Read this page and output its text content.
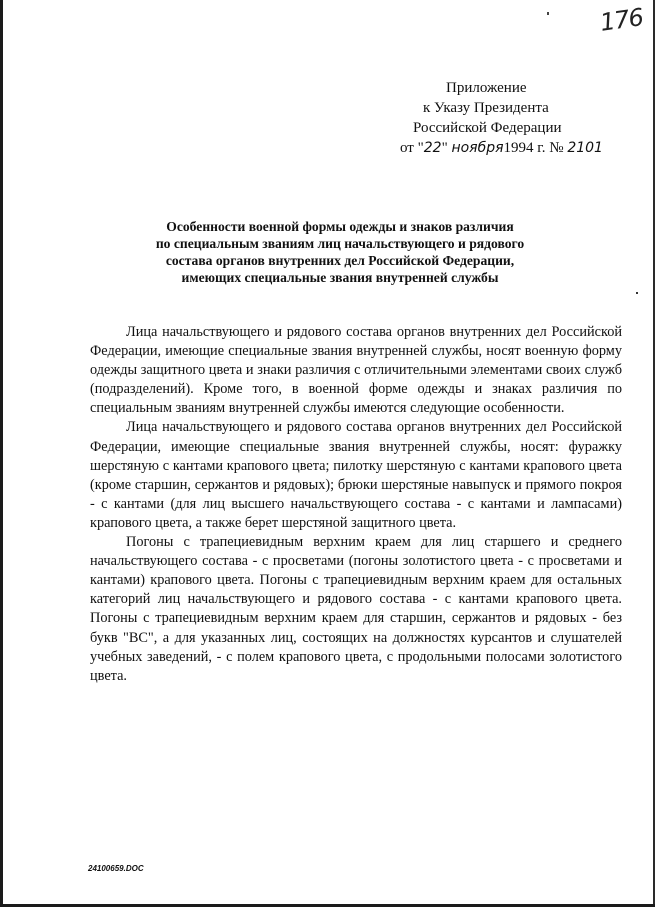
176
Приложение
к Указу Президента
Российской Федерации
от "22" ноября1994 г. № 2101
Особенности военной формы одежды и знаков различия
по специальным званиям лиц начальствующего и рядового
состава органов внутренних дел Российской Федерации,
имеющих специальные звания внутренней службы

Лица начальствующего и рядового состава органов внутренних дел Российской Федерации, имеющие специальные звания внутренней службы, носят военную форму одежды защитного цвета и знаки различия с отличительными элементами своих служб (подразделений). Кроме того, в военной форме одежды и знаках различия по специальным званиям внутренней службы имеются следующие особенности.

Лица начальствующего и рядового состава органов внутренних дел Российской Федерации, имеющие специальные звания внутренней службы, носят: фуражку шерстяную с кантами крапового цвета; пилотку шерстяную с кантами крапового цвета (кроме старшин, сержантов и рядовых); брюки шерстяные навыпуск и прямого покроя - с кантами (для лиц высшего начальствующего состава - с кантами и лампасами) крапового цвета, а также берет шерстяной защитного цвета.

Погоны с трапециевидным верхним краем для лиц старшего и среднего начальствующего состава - с просветами (погоны золотистого цвета - с просветами и кантами) крапового цвета. Погоны с трапециевидным верхним краем для остальных категорий лиц начальствующего и рядового состава - с кантами крапового цвета. Погоны с трапециевидным верхним краем для старшин, сержантов и рядовых - без букв "ВС", а для указанных лиц, состоящих на должностях курсантов и слушателей учебных заведений, - с полем крапового цвета, с продольными полосами золотистого цвета.

24100659.DOC
